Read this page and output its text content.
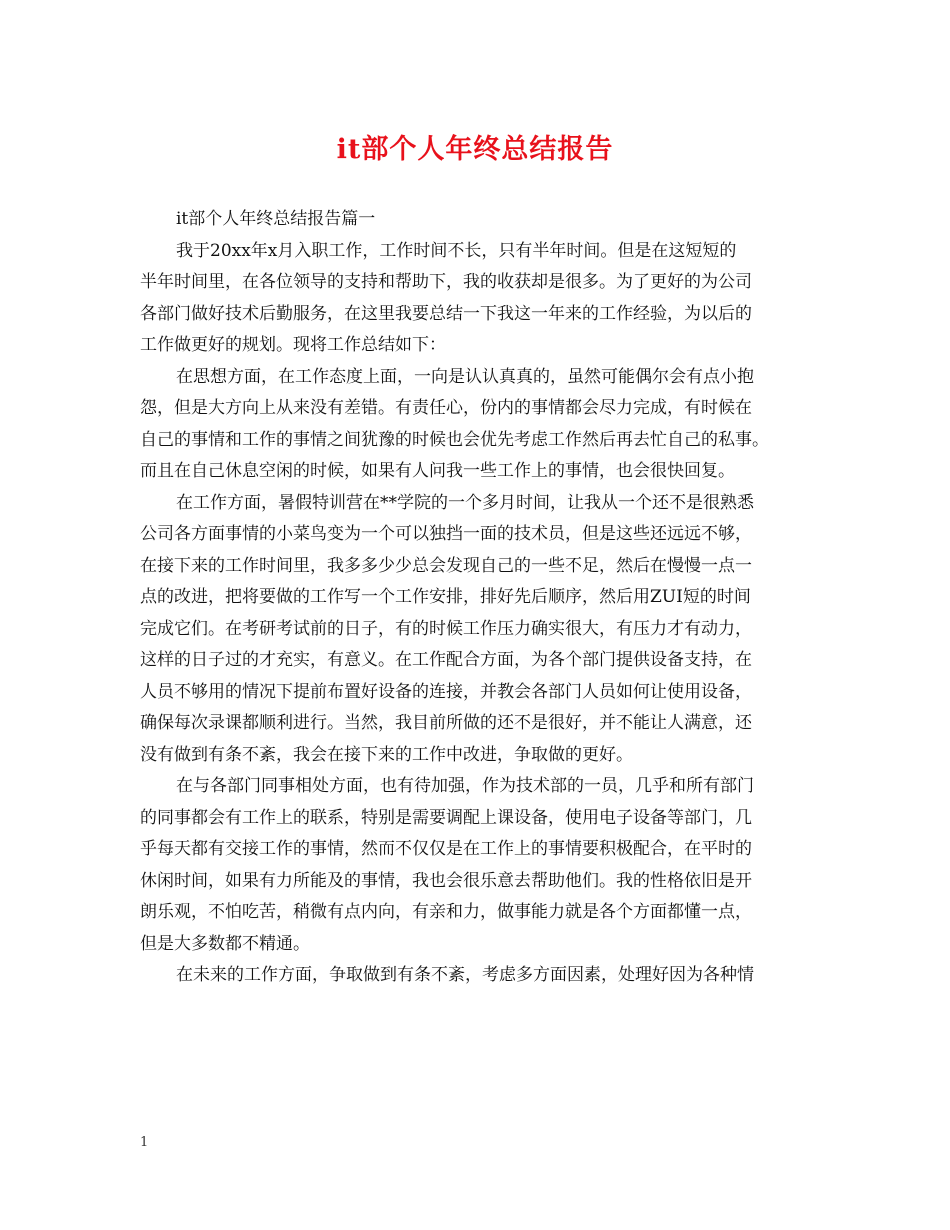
it部个人年终总结报告

it部个人年终总结报告篇一

我于20xx年x月入职工作，工作时间不长，只有半年时间。但是在这短短的

半年时间里，在各位领导的支持和帮助下，我的收获却是很多。为了更好的为公司

各部门做好技术后勤服务，在这里我要总结一下我这一年来的工作经验，为以后的

工作做更好的规划。现将工作总结如下：

在思想方面，在工作态度上面，一向是认认真真的，虽然可能偶尔会有点小抱

怨，但是大方向上从来没有差错。有责任心，份内的事情都会尽力完成，有时候在

自己的事情和工作的事情之间犹豫的时候也会优先考虑工作然后再去忙自己的私事。

而且在自己休息空闲的时候，如果有人问我一些工作上的事情，也会很快回复。

在工作方面，暑假特训营在**学院的一个多月时间，让我从一个还不是很熟悉

公司各方面事情的小菜鸟变为一个可以独挡一面的技术员，但是这些还远远不够，

在接下来的工作时间里，我多多少少总会发现自己的一些不足，然后在慢慢一点一

点的改进，把将要做的工作写一个工作安排，排好先后顺序，然后用ZUI短的时间

完成它们。在考研考试前的日子，有的时候工作压力确实很大，有压力才有动力，

这样的日子过的才充实，有意义。在工作配合方面，为各个部门提供设备支持，在

人员不够用的情况下提前布置好设备的连接，并教会各部门人员如何让使用设备，

确保每次录课都顺利进行。当然，我目前所做的还不是很好，并不能让人满意，还

没有做到有条不紊，我会在接下来的工作中改进，争取做的更好。

在与各部门同事相处方面，也有待加强，作为技术部的一员，几乎和所有部门

的同事都会有工作上的联系，特别是需要调配上课设备，使用电子设备等部门，几

乎每天都有交接工作的事情，然而不仅仅是在工作上的事情要积极配合，在平时的

休闲时间，如果有力所能及的事情，我也会很乐意去帮助他们。我的性格依旧是开

朗乐观，不怕吃苦，稍微有点内向，有亲和力，做事能力就是各个方面都懂一点，

但是大多数都不精通。

在未来的工作方面，争取做到有条不紊，考虑多方面因素，处理好因为各种情

1
